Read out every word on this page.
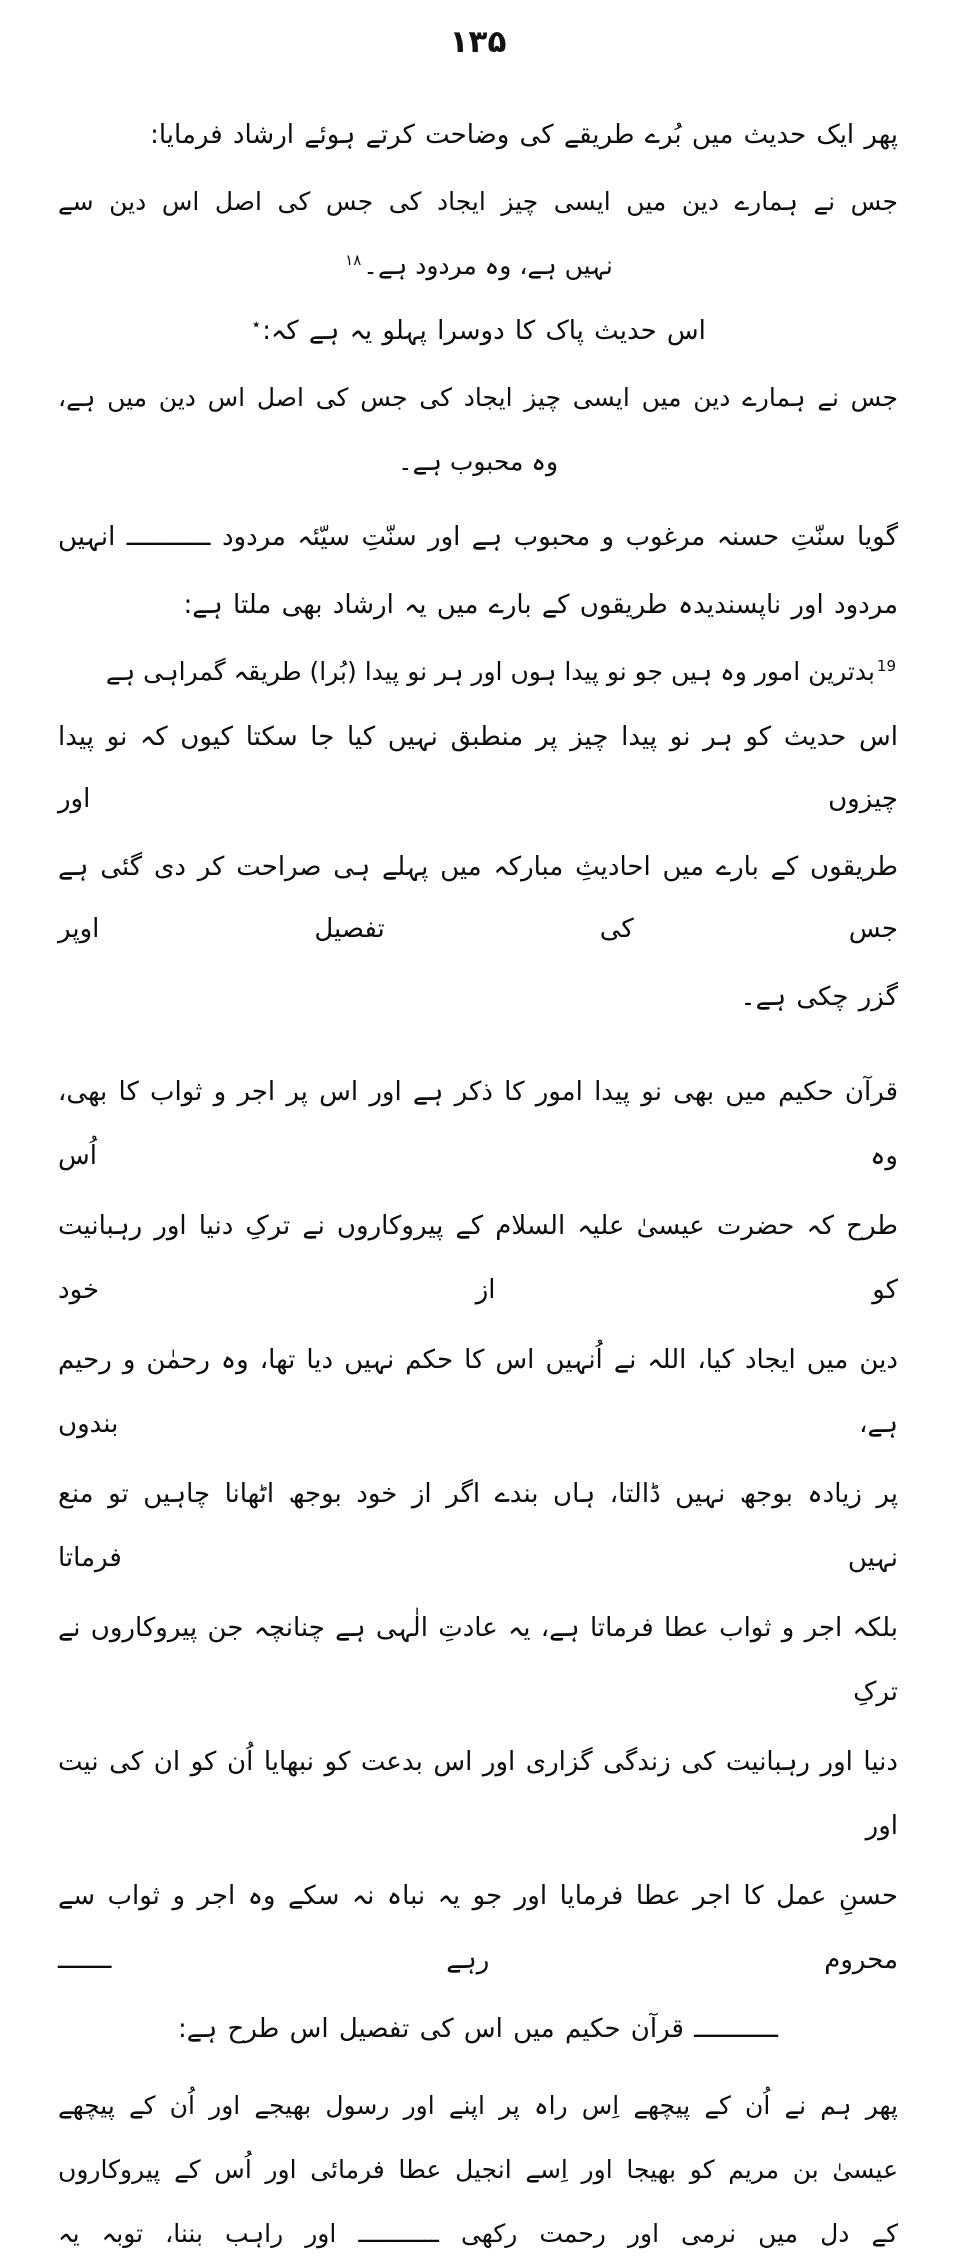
۱۳۵

پھر ایک حدیث میں بُرے طریقے کی وضاحت کرتے ہوئے ارشاد فرمایا:

جس نے ہمارے دین میں ایسی چیز ایجاد کی جس کی اصل اس دین سے

نہیں ہے، وہ مردود ہے۔$^{۱۸}$

اس حدیث پاک کا دوسرا پہلو یہ ہے کہ:٭

جس نے ہمارے دین میں ایسی چیز ایجاد کی جس کی اصل اس دین میں ہے،

وہ محبوب ہے۔

گویا سنّتِ حسنہ مرغوب و محبوب ہے اور سنّتِ سیّئہ مردود ـــــــــــ انہیں

مردود اور ناپسندیدہ طریقوں کے بارے میں یہ ارشاد بھی ملتا ہے:

$^{19}$بدترین امور وہ ہیں جو نو پیدا ہوں اور ہر نو پیدا (بُرا) طریقہ گمراہی ہے

اس حدیث کو ہر نو پیدا چیز پر منطبق نہیں کیا جا سکتا کیوں کہ نو پیدا چیزوں اور

طریقوں کے بارے میں احادیثِ مبارکہ میں پہلے ہی صراحت کر دی گئی ہے جس کی تفصیل اوپر

گزر چکی ہے۔

قرآن حکیم میں بھی نو پیدا امور کا ذکر ہے اور اس پر اجر و ثواب کا بھی، وہ اُس

طرح کہ حضرت عیسیٰ علیہ السلام کے پیروکاروں نے ترکِ دنیا اور رہبانیت کو از خود

دین میں ایجاد کیا، اللہ نے اُنہیں اس کا حکم نہیں دیا تھا، وہ رحمٰن و رحیم ہے، بندوں

پر زیادہ بوجھ نہیں ڈالتا، ہاں بندے اگر از خود بوجھ اٹھانا چاہیں تو منع نہیں فرماتا

بلکہ اجر و ثواب عطا فرماتا ہے، یہ عادتِ الٰہی ہے چنانچہ جن پیروکاروں نے ترکِ

دنیا اور رہبانیت کی زندگی گزاری اور اس بدعت کو نبھایا اُن کو ان کی نیت اور

حسنِ عمل کا اجر عطا فرمایا اور جو یہ نباہ نہ سکے وہ اجر و ثواب سے محروم رہے ـــــــ

ـــــــــــ قرآن حکیم میں اس کی تفصیل اس طرح ہے:

پھر ہم نے اُن کے پیچھے اِس راہ پر اپنے اور رسول بھیجے اور اُن کے پیچھے

عیسیٰ بن مریم کو بھیجا اور اِسے انجیل عطا فرمائی اور اُس کے پیروکاروں

کے دل میں نرمی اور رحمت رکھی ـــــــــــ اور راہب بننا، توبہ یہ
